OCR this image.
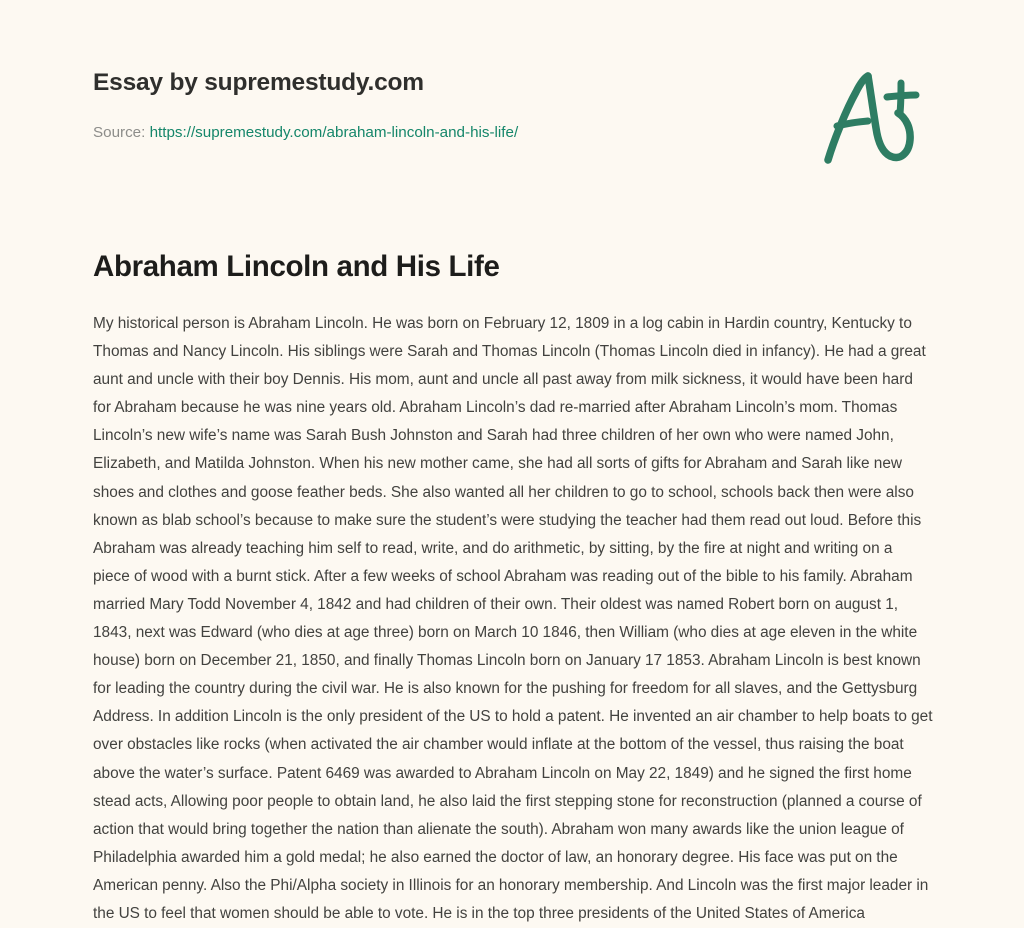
Essay by supremestudy.com

Source: https://supremestudy.com/abraham-lincoln-and-his-life/

Abraham Lincoln and His Life

My historical person is Abraham Lincoln. He was born on February 12, 1809 in a log cabin in Hardin country, Kentucky to Thomas and Nancy Lincoln. His siblings were Sarah and Thomas Lincoln (Thomas Lincoln died in infancy). He had a great aunt and uncle with their boy Dennis. His mom, aunt and uncle all past away from milk sickness, it would have been hard for Abraham because he was nine years old. Abraham Lincoln’s dad re-married after Abraham Lincoln’s mom. Thomas Lincoln’s new wife’s name was Sarah Bush Johnston and Sarah had three children of her own who were named John, Elizabeth, and Matilda Johnston. When his new mother came, she had all sorts of gifts for Abraham and Sarah like new shoes and clothes and goose feather beds. She also wanted all her children to go to school, schools back then were also known as blab school’s because to make sure the student’s were studying the teacher had them read out loud. Before this Abraham was already teaching him self to read, write, and do arithmetic, by sitting, by the fire at night and writing on a piece of wood with a burnt stick. After a few weeks of school Abraham was reading out of the bible to his family. Abraham married Mary Todd November 4, 1842 and had children of their own. Their oldest was named Robert born on august 1, 1843, next was Edward (who dies at age three) born on March 10 1846, then William (who dies at age eleven in the white house) born on December 21, 1850, and finally Thomas Lincoln born on January 17 1853. Abraham Lincoln is best known for leading the country during the civil war. He is also known for the pushing for freedom for all slaves, and the Gettysburg Address. In addition Lincoln is the only president of the US to hold a patent. He invented an air chamber to help boats to get over obstacles like rocks (when activated the air chamber would inflate at the bottom of the vessel, thus raising the boat above the water’s surface. Patent 6469 was awarded to Abraham Lincoln on May 22, 1849) and he signed the first home stead acts, Allowing poor people to obtain land, he also laid the first stepping stone for reconstruction (planned a course of action that would bring together the nation than alienate the south). Abraham won many awards like the union league of Philadelphia awarded him a gold medal; he also earned the doctor of law, an honorary degree. His face was put on the American penny. Also the Phi/Alpha society in Illinois for an honorary membership. And Lincoln was the first major leader in the US to feel that women should be able to vote. He is in the top three presidents of the United States of America
